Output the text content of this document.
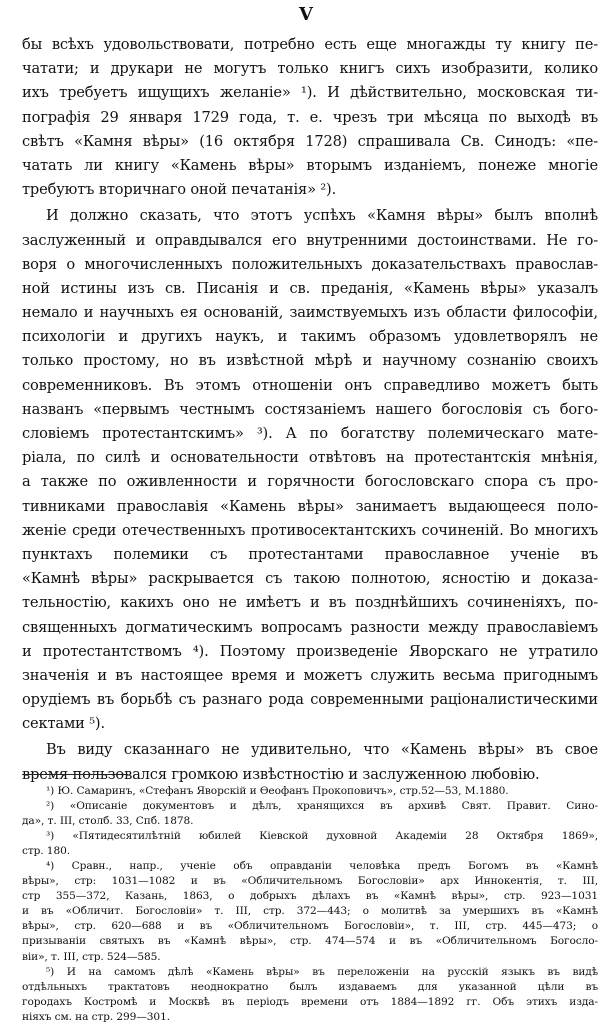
V
бы всѣхъ удовольствовати, потребно есть еще многажды ту книгу пе-
чатати; и друкари не могутъ только книгъ сихъ изобразити, колико
ихъ требуетъ ищущихъ желаніе» ¹). И дѣйствительно, московская ти-
пографія 29 января 1729 года, т. е. чрезъ три мѣсяца по выходѣ въ
свѣтъ «Камня вѣры» (16 октября 1728) спрашивала Св. Синодъ: «пе-
чатать ли книгу «Камень вѣры» вторымъ изданіемъ, понеже многіе
требуютъ вторичнаго оной печатанія» ²).
И должно сказать, что этотъ успѣхъ «Камня вѣры» былъ вполнѣ
заслуженный и оправдывался его внутренними достоинствами. Не го-
воря о многочисленныхъ положительныхъ доказательствахъ православ-
ной истины изъ св. Писанія и св. преданія, «Камень вѣры» указалъ
немало и научныхъ ея основаній, заимствуемыхъ изъ области философіи,
психологіи и другихъ наукъ, и такимъ образомъ удовлетворялъ не
только простому, но въ извѣстной мѣрѣ и научному сознанію своихъ
современниковъ. Въ этомъ отношеніи онъ справедливо можетъ быть
названъ «первымъ честнымъ состязаніемъ нашего богословія съ бого-
словіемъ протестантскимъ» ³). А по богатству полемическаго мате-
ріала, по силѣ и основательности отвѣтовъ на протестантскія мнѣнія,
а также по оживленности и горячности богословскаго спора съ про-
тивниками православія «Камень вѣры» занимаетъ выдающееся поло-
женіе среди отечественныхъ противосектантскихъ сочиненій. Во многихъ
пунктахъ полемики съ протестантами православное ученіе въ
«Камнѣ вѣры» раскрывается съ такою полнотою, ясностію и доказа-
тельностію, какихъ оно не имѣетъ и въ позднѣйшихъ сочиненіяхъ, по-
священныхъ догматическимъ вопросамъ разности между православіемъ
и протестантствомъ ⁴). Поэтому произведеніе Яворскаго не утратило
значенія и въ настоящее время и можетъ служить весьма пригоднымъ
орудіемъ въ борьбѣ съ разнаго рода современными раціоналистическими
сектами ⁵).
Въ виду сказаннаго не удивительно, что «Камень вѣры» въ свое
время пользовался громкою извѣстностію и заслуженною любовію.
¹) Ю. Самаринъ, «Стефанъ Яворскій и Ѳеофанъ Прокоповичъ», стр.52—53, М.1880.
²) «Описаніе документовъ и дѣлъ, хранящихся въ архивѣ Свят. Правит. Сино-
да», т. III, столб. 33, Спб. 1878.
³) «Пятидесятилѣтній юбилей Кіевской духовной Академіи 28 Октября 1869»,
стр. 180.
⁴) Сравн., напр., ученіе объ оправданіи человѣка предъ Богомъ въ «Камнѣ
вѣры», стр: 1031—1082 и въ «Обличительномъ Богословіи» арх Иннокентія, т. III,
стр 355—372, Казань, 1863, о добрыхъ дѣлахъ въ «Камнѣ вѣры», стр. 923—1031
и въ «Обличит. Богословіи» т. III, стр. 372—443; о молитвѣ за умершихъ въ «Камнѣ
вѣры», стр. 620—688 и въ «Обличительномъ Богословіи», т. III, стр. 445—473; о
призываніи святыхъ въ «Камнѣ вѣры», стр. 474—574 и въ «Обличительномъ Богосло-
віи», т. III, стр. 524—585.
⁵) И на самомъ дѣлѣ «Камень вѣры» въ переложеніи на русскій языкъ въ видѣ
отдѣльныхъ трактатовъ неоднократно былъ издаваемъ для указанной цѣли въ
городахъ Костромѣ и Москвѣ въ періодъ времени отъ 1884—1892 гг. Объ этихъ изда-
ніяхъ см. на стр. 299—301.
